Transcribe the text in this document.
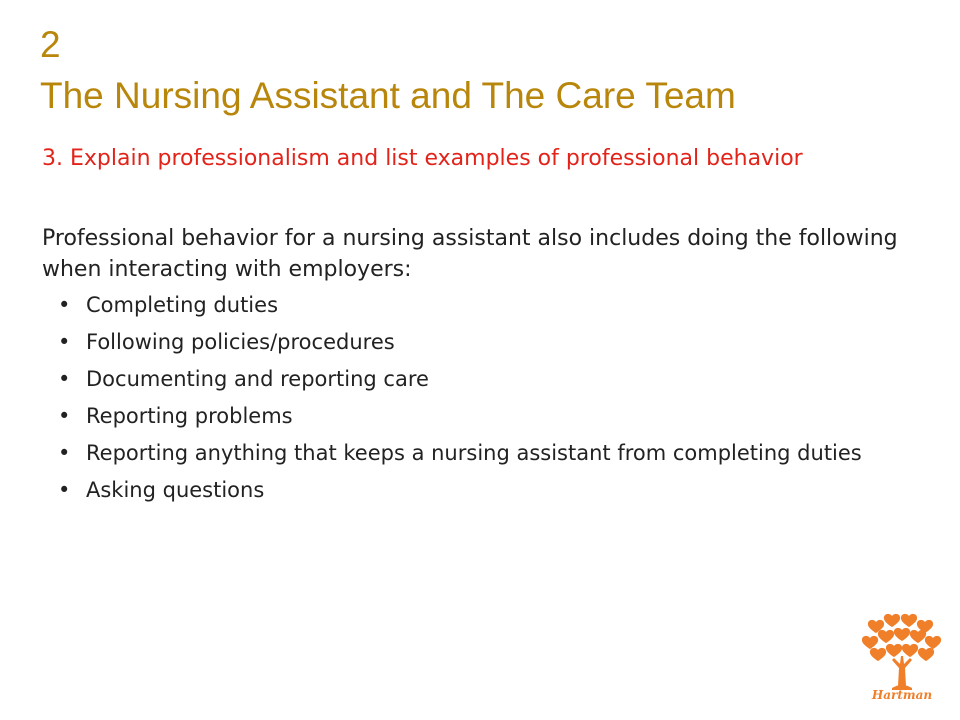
2
The Nursing Assistant and The Care Team
3. Explain professionalism and list examples of professional behavior
Professional behavior for a nursing assistant also includes doing the following when interacting with employers:
• Completing duties
• Following policies/procedures
• Documenting and reporting care
• Reporting problems
• Reporting anything that keeps a nursing assistant from completing duties
• Asking questions
Hartman
